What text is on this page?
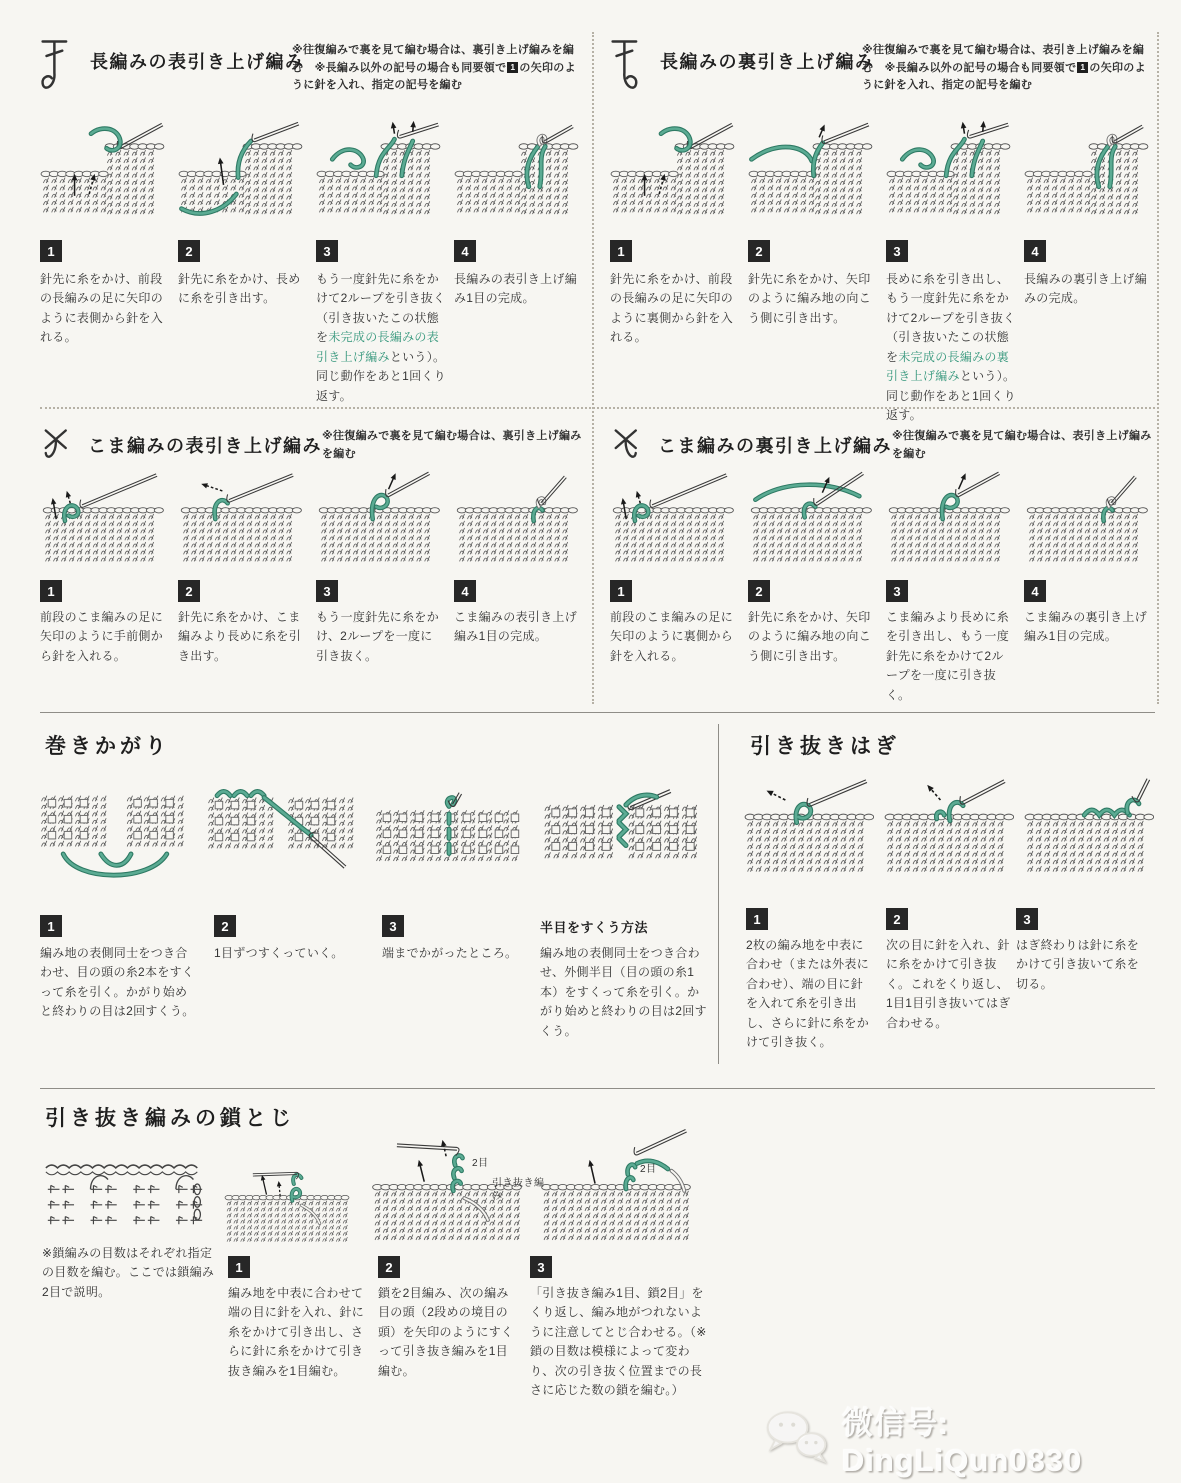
長編みの表引き上げ編み
※往復編みで裏を見て編む場合は、裏引き上げ編みを編む　※長編み以外の記号の場合も同要領で 1 の矢印のように針を入れ、指定の記号を編む
1	2	3	4
針先に糸をかけ、前段の長編みの足に矢印のように表側から針を入れる。
針先に糸をかけ、長めに糸を引き出す。
もう一度針先に糸をかけて2ループを引き抜く（引き抜いたこの状態を未完成の長編みの表引き上げ編みという）。同じ動作をあと1回くり返す。
長編みの表引き上げ編み1目の完成。
長編みの裏引き上げ編み
※往復編みで裏を見て編む場合は、表引き上げ編みを編む　※長編み以外の記号の場合も同要領で 1 の矢印のように針を入れ、指定の記号を編む
1	2	3	4
針先に糸をかけ、前段の長編みの足に矢印のように裏側から針を入れる。
針先に糸をかけ、矢印のように編み地の向こう側に引き出す。
長めに糸を引き出し、もう一度針先に糸をかけて2ループを引き抜く（引き抜いたこの状態を未完成の長編みの裏引き上げ編みという）。同じ動作をあと1回くり返す。
長編みの裏引き上げ編みの完成。
こま編みの表引き上げ編み ※往復編みで裏を見て編む場合は、裏引き上げ編みを編む
1	2	3	4
前段のこま編みの足に矢印のように手前側から針を入れる。
針先に糸をかけ、こま編みより長めに糸を引き出す。
もう一度針先に糸をかけ、2ループを一度に引き抜く。
こま編みの表引き上げ編み1目の完成。
こま編みの裏引き上げ編み ※往復編みで裏を見て編む場合は、表引き上げ編みを編む
1	2	3	4
前段のこま編みの足に矢印のように裏側から針を入れる。
針先に糸をかけ、矢印のように編み地の向こう側に引き出す。
こま編みより長めに糸を引き出し、もう一度針先に糸をかけて2ループを一度に引き抜く。
こま編みの裏引き上げ編み1目の完成。
巻きかがり
1	2	3	半目をすくう方法
編み地の表側同士をつき合わせ、目の頭の糸2本をすくって糸を引く。かがり始めと終わりの目は2回すくう。
1目ずつすくっていく。	端までかがったところ。	編み地の表側同士をつき合わせ、外側半目（目の頭の糸1本）をすくって糸を引く。かがり始めと終わりの目は2回すくう。
引き抜きはぎ
1	2	3
2枚の編み地を中表に合わせ（または外表に合わせ）、端の目に針を入れて糸を引き出し、さらに針に糸をかけて引き抜く。
次の目に針を入れ、針に糸をかけて引き抜く。これをくり返し、1目1目引き抜いてはぎ合わせる。
はぎ終わりは針に糸をかけて引き抜いて糸を切る。
引き抜き編みの鎖とじ
※鎖編みの目数はそれぞれ指定の目数を編む。ここでは鎖編み2目で説明。
2目
引き抜き編み
2目
1	2	3
編み地を中表に合わせて端の目に針を入れ、針に糸をかけて引き出し、さらに針に糸をかけて引き抜き編みを1目編む。
鎖を2目編み、次の編み目の頭（2段めの境目の頭）を矢印のようにすくって引き抜き編みを1目編む。
「引き抜き編み1目、鎖2目」をくり返し、編み地がつれないように注意してとじ合わせる。（※鎖の目数は模様によって変わり、次の引き抜く位置までの長さに応じた数の鎖を編む。）
微信号: DingLiQun0830
